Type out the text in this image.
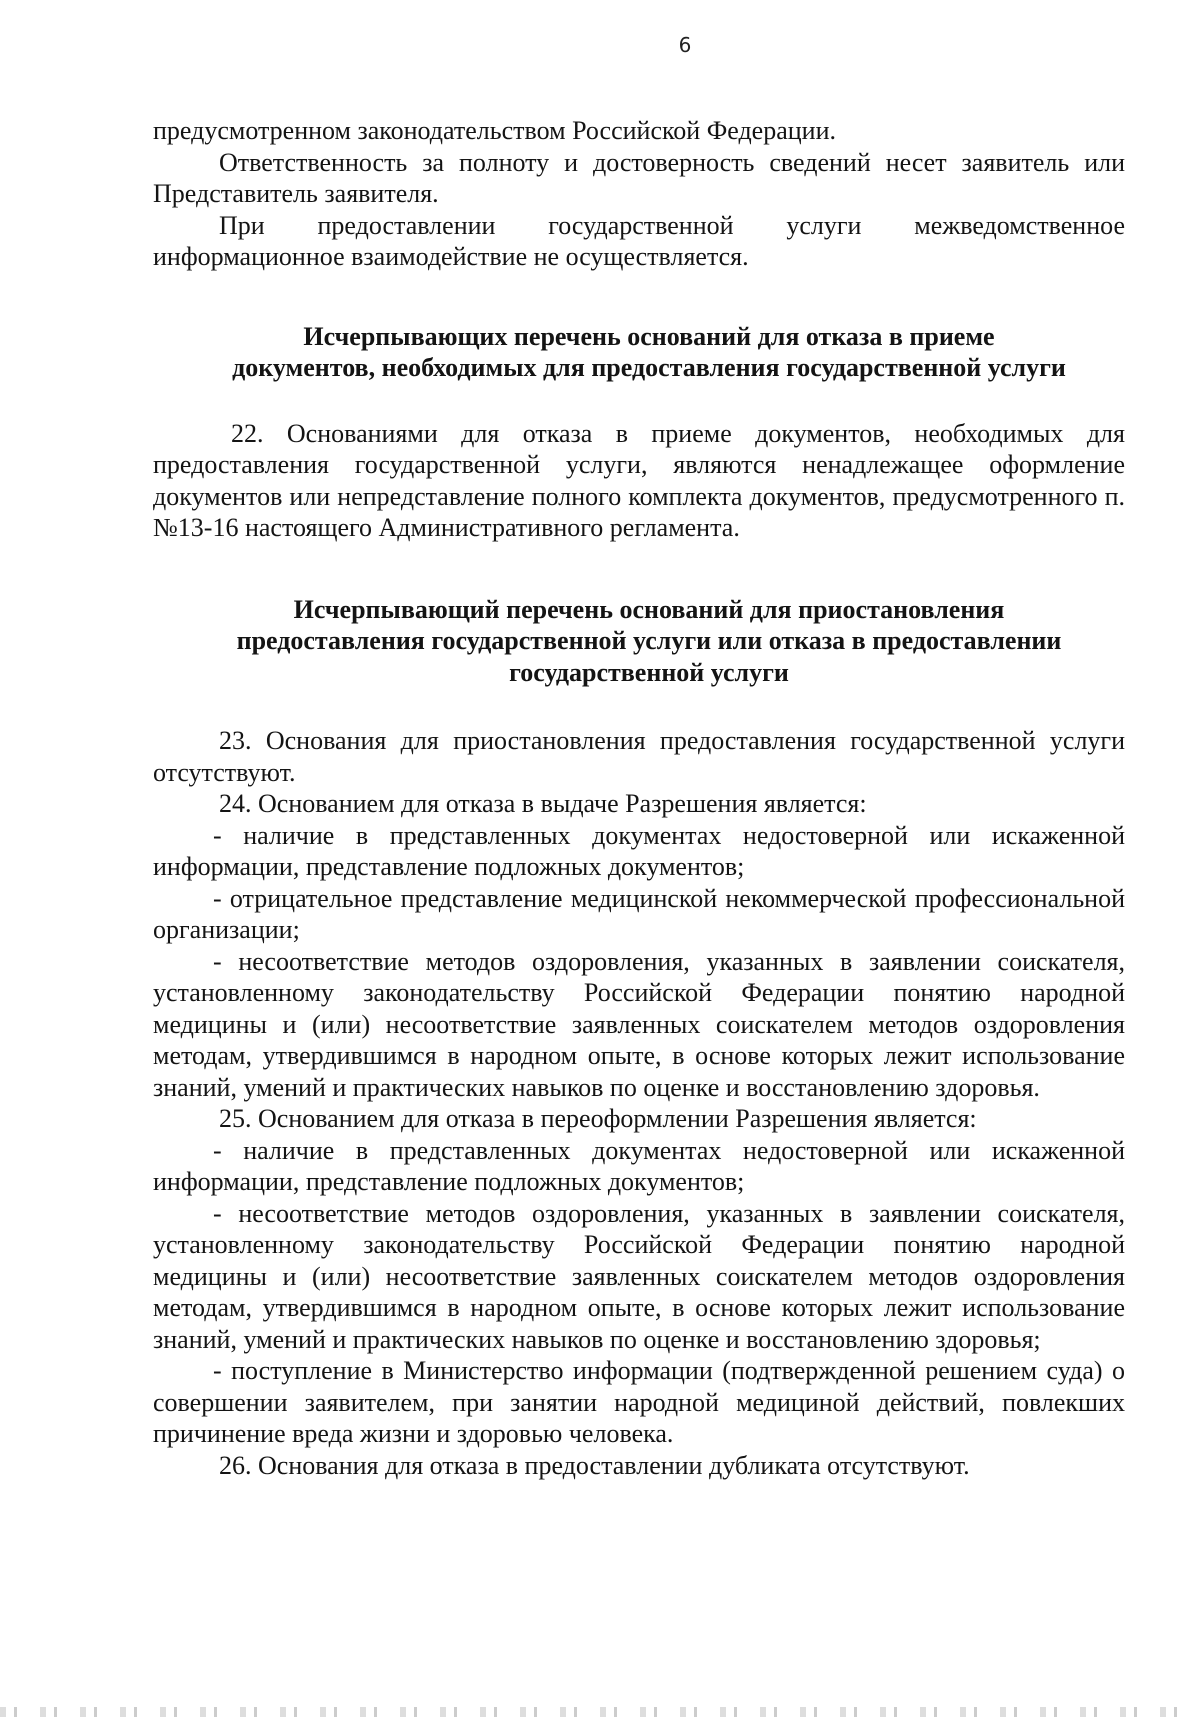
6

предусмотренном законодательством Российской Федерации.

Ответственность за полноту и достоверность сведений несет заявитель или Представитель заявителя.

При предоставлении государственной услуги межведомственное информационное взаимодействие не осуществляется.

Исчерпывающих перечень оснований для отказа в приеме
документов, необходимых для предоставления государственной услуги

22. Основаниями для отказа в приеме документов, необходимых для предоставления государственной услуги, являются ненадлежащее оформление документов или непредставление полного комплекта документов, предусмотренного п. №13-16 настоящего Административного регламента.

Исчерпывающий перечень оснований для приостановления
предоставления государственной услуги или отказа в предоставлении
государственной услуги

23. Основания для приостановления предоставления государственной услуги отсутствуют.

24. Основанием для отказа в выдаче Разрешения является:

- наличие в представленных документах недостоверной или искаженной информации, представление подложных документов;

- отрицательное представление медицинской некоммерческой профессиональной организации;

- несоответствие методов оздоровления, указанных в заявлении соискателя, установленному законодательству Российской Федерации понятию народной медицины и (или) несоответствие заявленных соискателем методов оздоровления методам, утвердившимся в народном опыте, в основе которых лежит использование знаний, умений и практических навыков по оценке и восстановлению здоровья.

25. Основанием для отказа в переоформлении Разрешения является:

- наличие в представленных документах недостоверной или искаженной информации, представление подложных документов;

- несоответствие методов оздоровления, указанных в заявлении соискателя, установленному законодательству Российской Федерации понятию народной медицины и (или) несоответствие заявленных соискателем методов оздоровления методам, утвердившимся в народном опыте, в основе которых лежит использование знаний, умений и практических навыков по оценке и восстановлению здоровья;

- поступление в Министерство информации (подтвержденной решением суда) о совершении заявителем, при занятии народной медициной действий, повлекших причинение вреда жизни и здоровью человека.

26. Основания для отказа в предоставлении дубликата отсутствуют.
